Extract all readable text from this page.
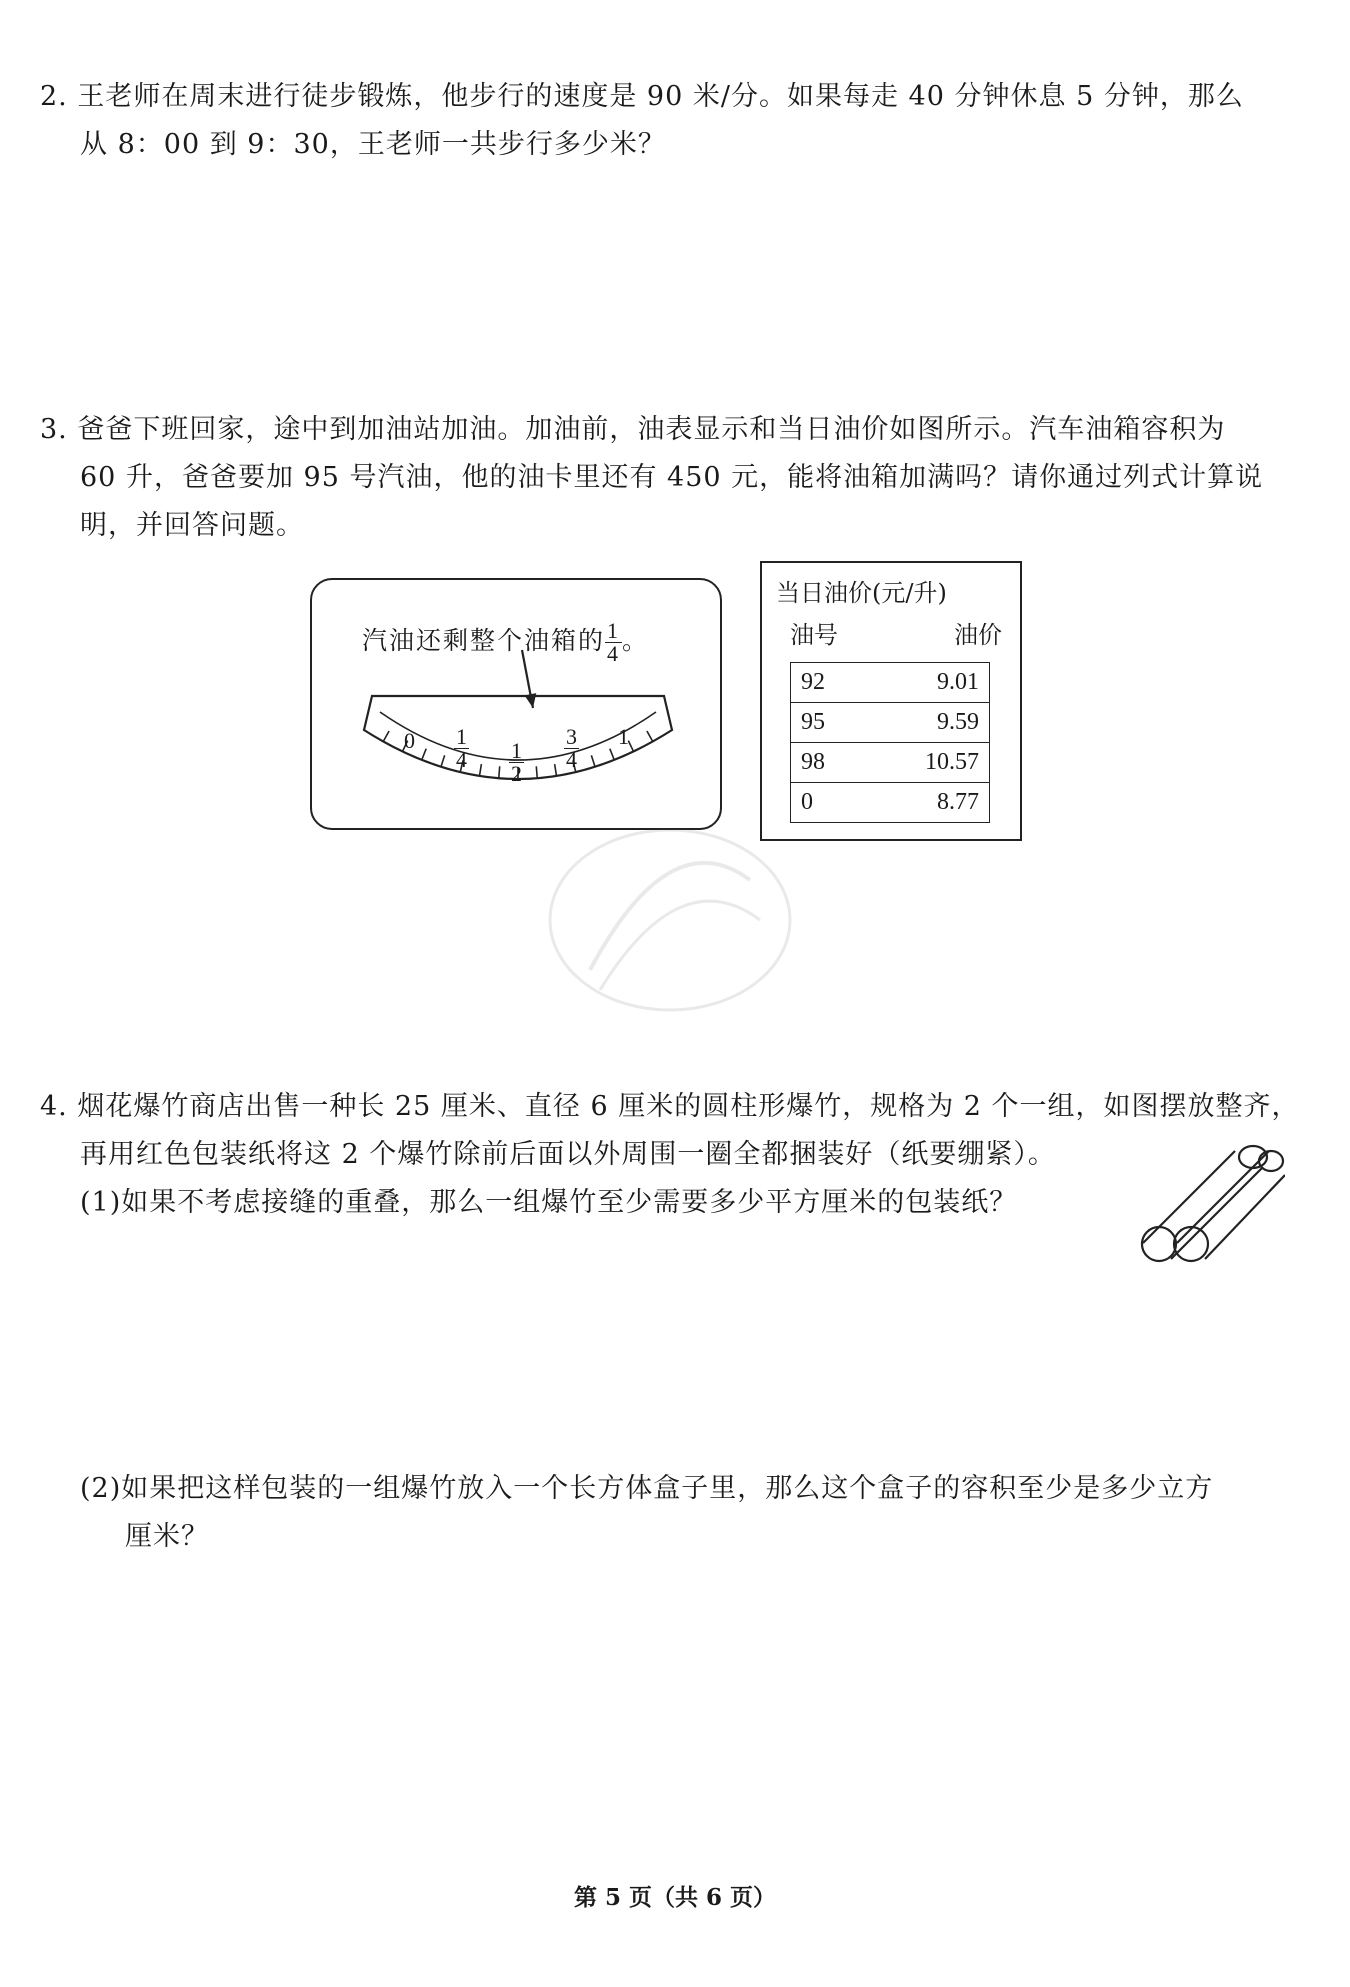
2. 王老师在周末进行徒步锻炼，他步行的速度是 90 米/分。如果每走 40 分钟休息 5 分钟，那么
从 8：00 到 9：30，王老师一共步行多少米？
3. 爸爸下班回家，途中到加油站加油。加油前，油表显示和当日油价如图所示。汽车油箱容积为
60 升，爸爸要加 95 号汽油，他的油卡里还有 450 元，能将油箱加满吗？请你通过列式计算说
明，并回答问题。
汽油还剩整个油箱的 $\frac{1}{4}$ 。
$0 \frac{1}{4} \frac{1}{2} \frac{3}{4} 1$
当日油价(元/升)
油号	油价
92	9.01
95	9.59
98	10.57
0	8.77
4. 烟花爆竹商店出售一种长 25 厘米、直径 6 厘米的圆柱形爆竹，规格为 2 个一组，如图摆放整齐，
再用红色包装纸将这 2 个爆竹除前后面以外周围一圈全都捆装好（纸要绷紧）。
(1)如果不考虑接缝的重叠，那么一组爆竹至少需要多少平方厘米的包装纸？
(2)如果把这样包装的一组爆竹放入一个长方体盒子里，那么这个盒子的容积至少是多少立方
厘米？
第 5 页（共 6 页）
